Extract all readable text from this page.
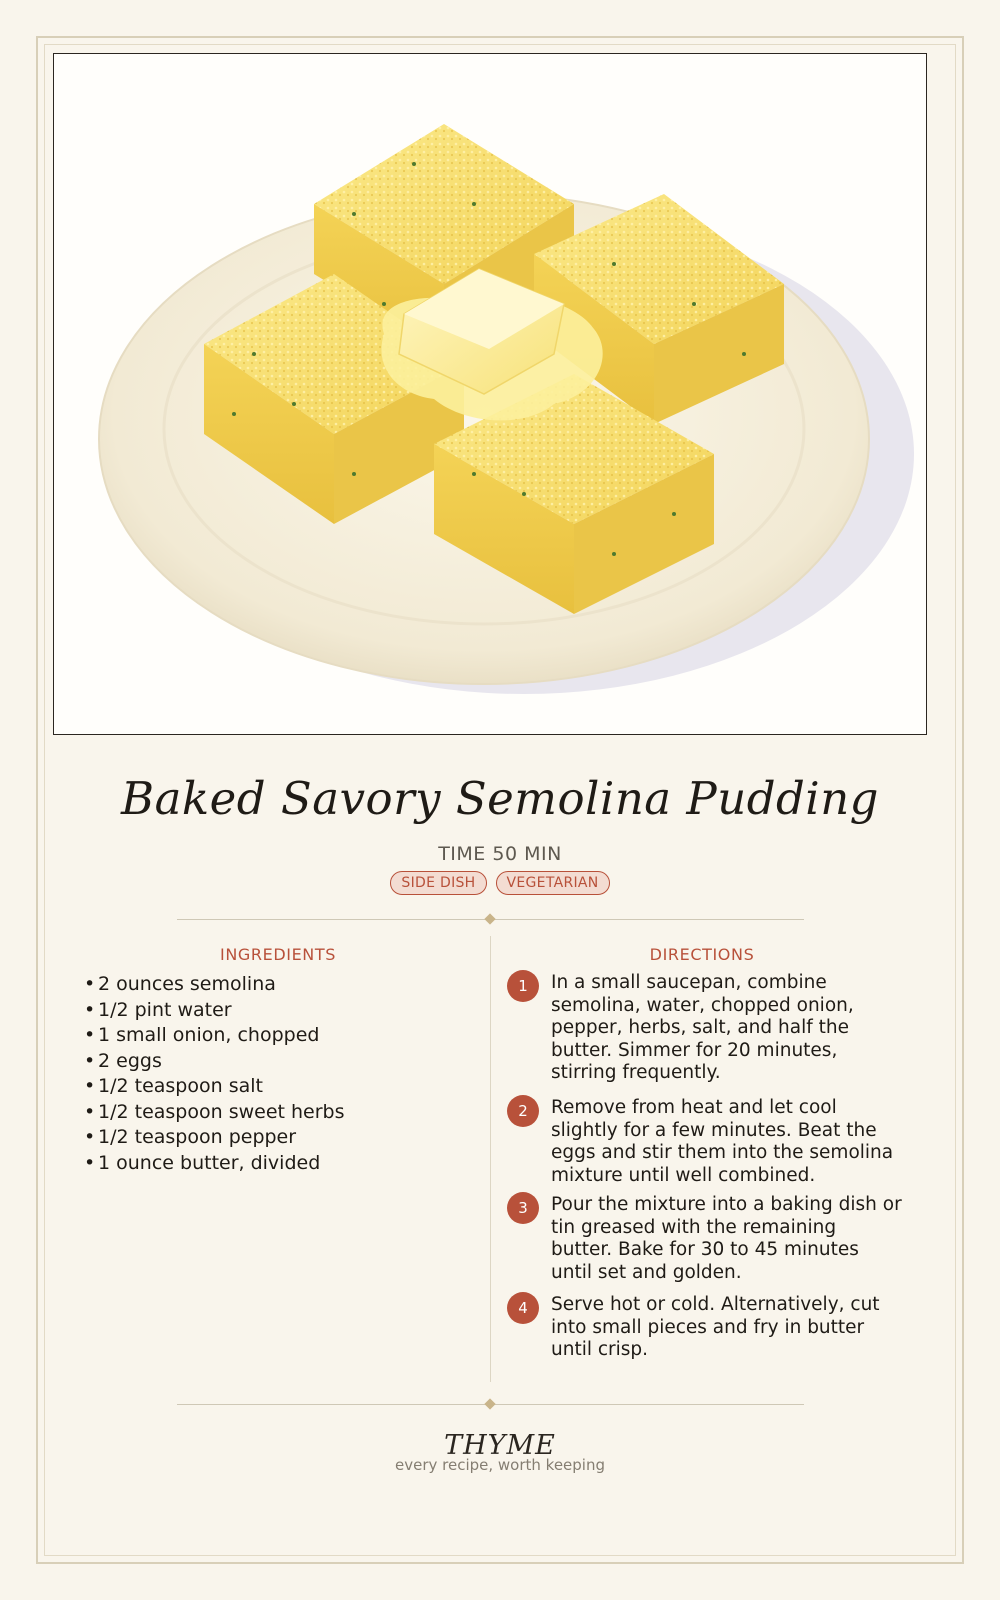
Baked Savory Semolina Pudding
TIME 50 MIN
SIDE DISH	VEGETARIAN
INGREDIENTS
• 2 ounces semolina
• 1/2 pint water
• 1 small onion, chopped
• 2 eggs
• 1/2 teaspoon salt
• 1/2 teaspoon sweet herbs
• 1/2 teaspoon pepper
• 1 ounce butter, divided
DIRECTIONS
1	In a small saucepan, combine semolina, water, chopped onion, pepper, herbs, salt, and half the butter. Simmer for 20 minutes, stirring frequently.
2	Remove from heat and let cool slightly for a few minutes. Beat the eggs and stir them into the semolina mixture until well combined.
3	Pour the mixture into a baking dish or tin greased with the remaining butter. Bake for 30 to 45 minutes until set and golden.
4	Serve hot or cold. Alternatively, cut into small pieces and fry in butter until crisp.
THYME
every recipe, worth keeping
